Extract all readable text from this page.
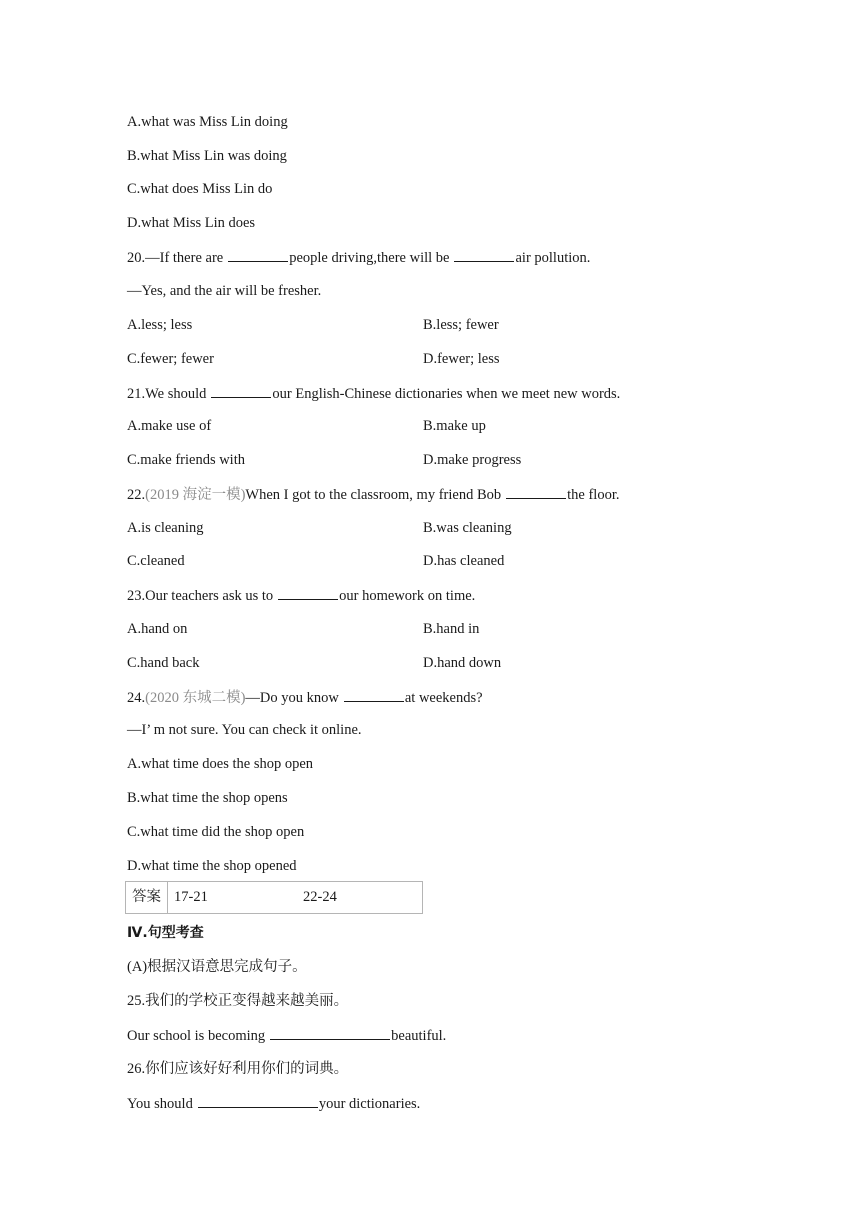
A.what was Miss Lin doing
B.what Miss Lin was doing
C.what does Miss Lin do
D.what Miss Lin does
20.—If there are	people driving,there will be	air pollution.
—Yes, and the air will be fresher.
A.less; less	B.less; fewer
C.fewer; fewer	D.fewer; less
21.We should	our English-Chinese dictionaries when we meet new words.
A.make use of	B.make up
C.make friends with	D.make progress
22.(2019 海淀一模)When I got to the classroom, my friend Bob	the floor.
A.is cleaning	B.was cleaning
C.cleaned	D.has cleaned
23.Our teachers ask us to	our homework on time.
A.hand on	B.hand in
C.hand back	D.hand down
24.(2020 东城二模)—Do you know	at weekends?
—I’ m not sure. You can check it online.
A.what time does the shop open
B.what time the shop opens
C.what time did the shop open
D.what time the shop opened
答案 17-21	22-24
Ⅳ.句型考查
(A)根据汉语意思完成句子。
25.我们的学校正变得越来越美丽。
Our school is becoming	beautiful.
26.你们应该好好利用你们的词典。
You should	your dictionaries.
